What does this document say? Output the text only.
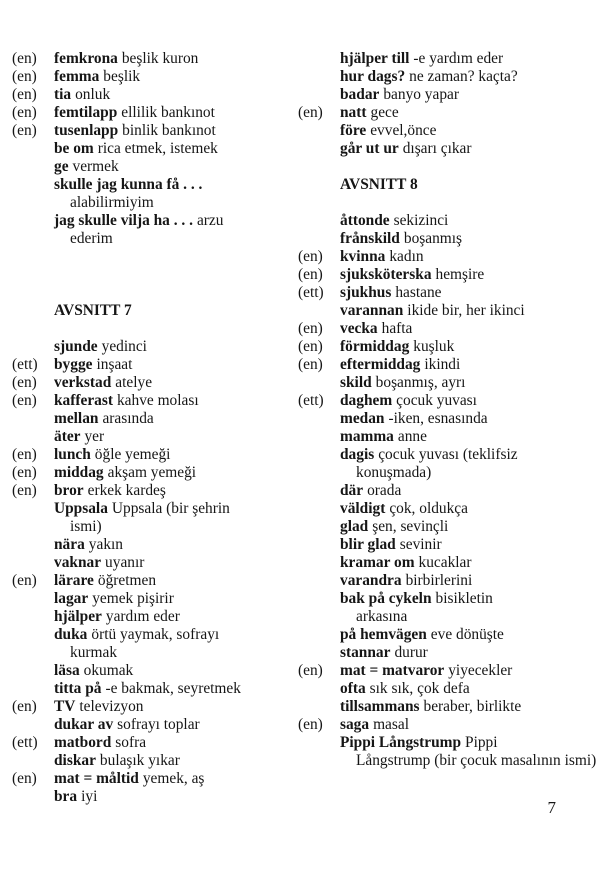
(en)	femkrona beşlik kuron
(en)	femma beşlik
(en)	tia onluk
(en)	femtilapp ellilik bankınot
(en)	tusenlapp binlik bankınot
be om rica etmek, istemek
ge vermek
skulle jag kunna få . . .
alabilirmiyim
jag skulle vilja ha . . . arzu
ederim
AVSNITT 7
sjunde yedinci
(ett)	bygge inşaat
(en)	verkstad atelye
(en)	kafferast kahve molası
mellan arasında
äter yer
(en)	lunch öğle yemeği
(en)	middag akşam yemeği
(en)	bror erkek kardeş
Uppsala Uppsala (bir şehrin
ismi)
nära yakın
vaknar uyanır
(en)	lärare öğretmen
lagar yemek pişirir
hjälper yardım eder
duka örtü yaymak, sofrayı
kurmak
läsa okumak
titta på -e bakmak, seyretmek
(en)	TV televizyon
dukar av sofrayı toplar
(ett)	matbord sofra
diskar bulaşık yıkar
(en)	mat = måltid yemek, aş
bra iyi
hjälper till -e yardım eder
hur dags? ne zaman? kaçta?
badar banyo yapar
(en)	natt gece
före evvel,önce
går ut ur dışarı çıkar
AVSNITT 8
åttonde sekizinci
frånskild boşanmış
(en)	kvinna kadın
(en)	sjuksköterska hemşire
(ett)	sjukhus hastane
varannan ikide bir, her ikinci
(en)	vecka hafta
(en)	förmiddag kuşluk
(en)	eftermiddag ikindi
skild boşanmış, ayrı
(ett)	daghem çocuk yuvası
medan -iken, esnasında
mamma anne
dagis çocuk yuvası (teklifsiz
konuşmada)
där orada
väldigt çok, oldukça
glad şen, sevinçli
blir glad sevinir
kramar om kucaklar
varandra birbirlerini
bak på cykeln bisikletin
arkasına
på hemvägen eve dönüşte
stannar durur
(en)	mat = matvaror yiyecekler
ofta sık sık, çok defa
tillsammans beraber, birlikte
(en)	saga masal
Pippi Långstrump Pippi
Långstrump (bir çocuk masalının ismi)
7
